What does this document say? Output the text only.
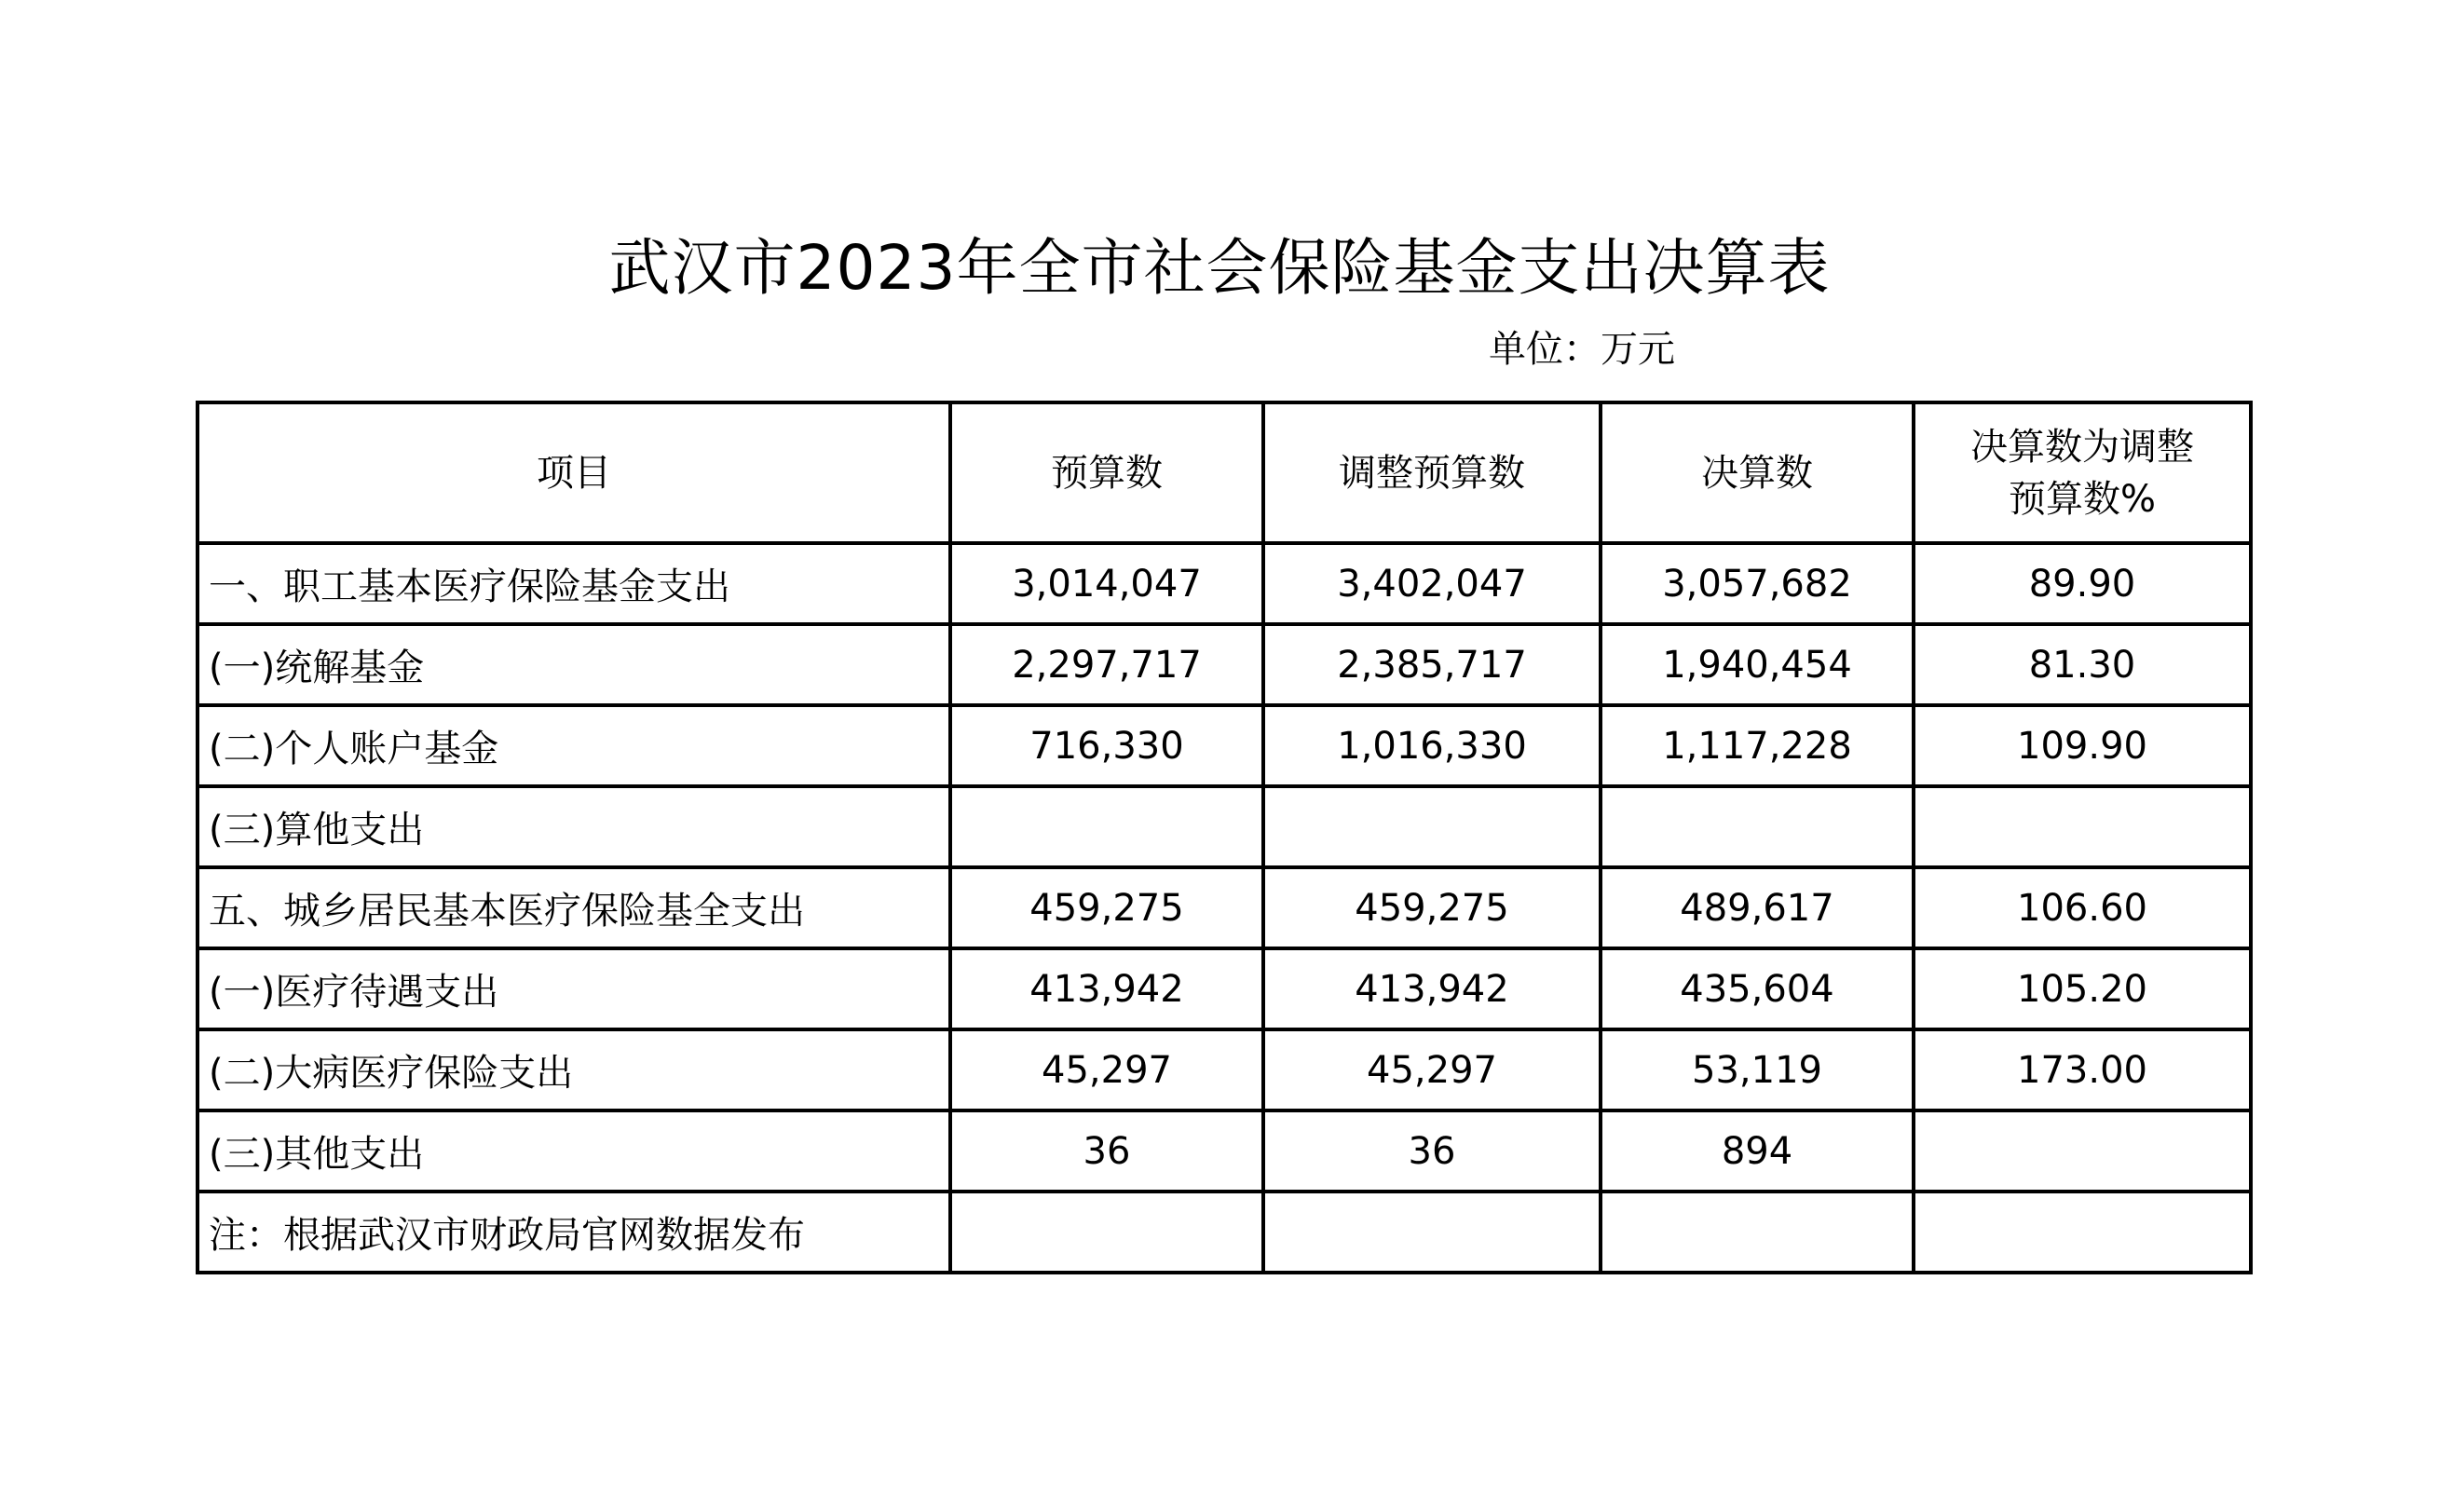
武汉市2023年全市社会保险基金支出决算表
单位：万元
项目	预算数	调整预算数	决算数	决算数为调整预算数%
一、职工基本医疗保险基金支出	3,014,047	3,402,047	3,057,682	89.90
(一)统解基金	2,297,717	2,385,717	1,940,454	81.30
(二)个人账户基金	716,330	1,016,330	1,117,228	109.90
(三)算他支出				
五、城乡居民基本医疗保险基全支出	459,275	459,275	489,617	106.60
(一)医疗待遇支出	413,942	413,942	435,604	105.20
(二)大病医疗保险支出	45,297	45,297	53,119	173.00
(三)其他支出	36	36	894	
注：根据武汉市财政局官网数据发布				
